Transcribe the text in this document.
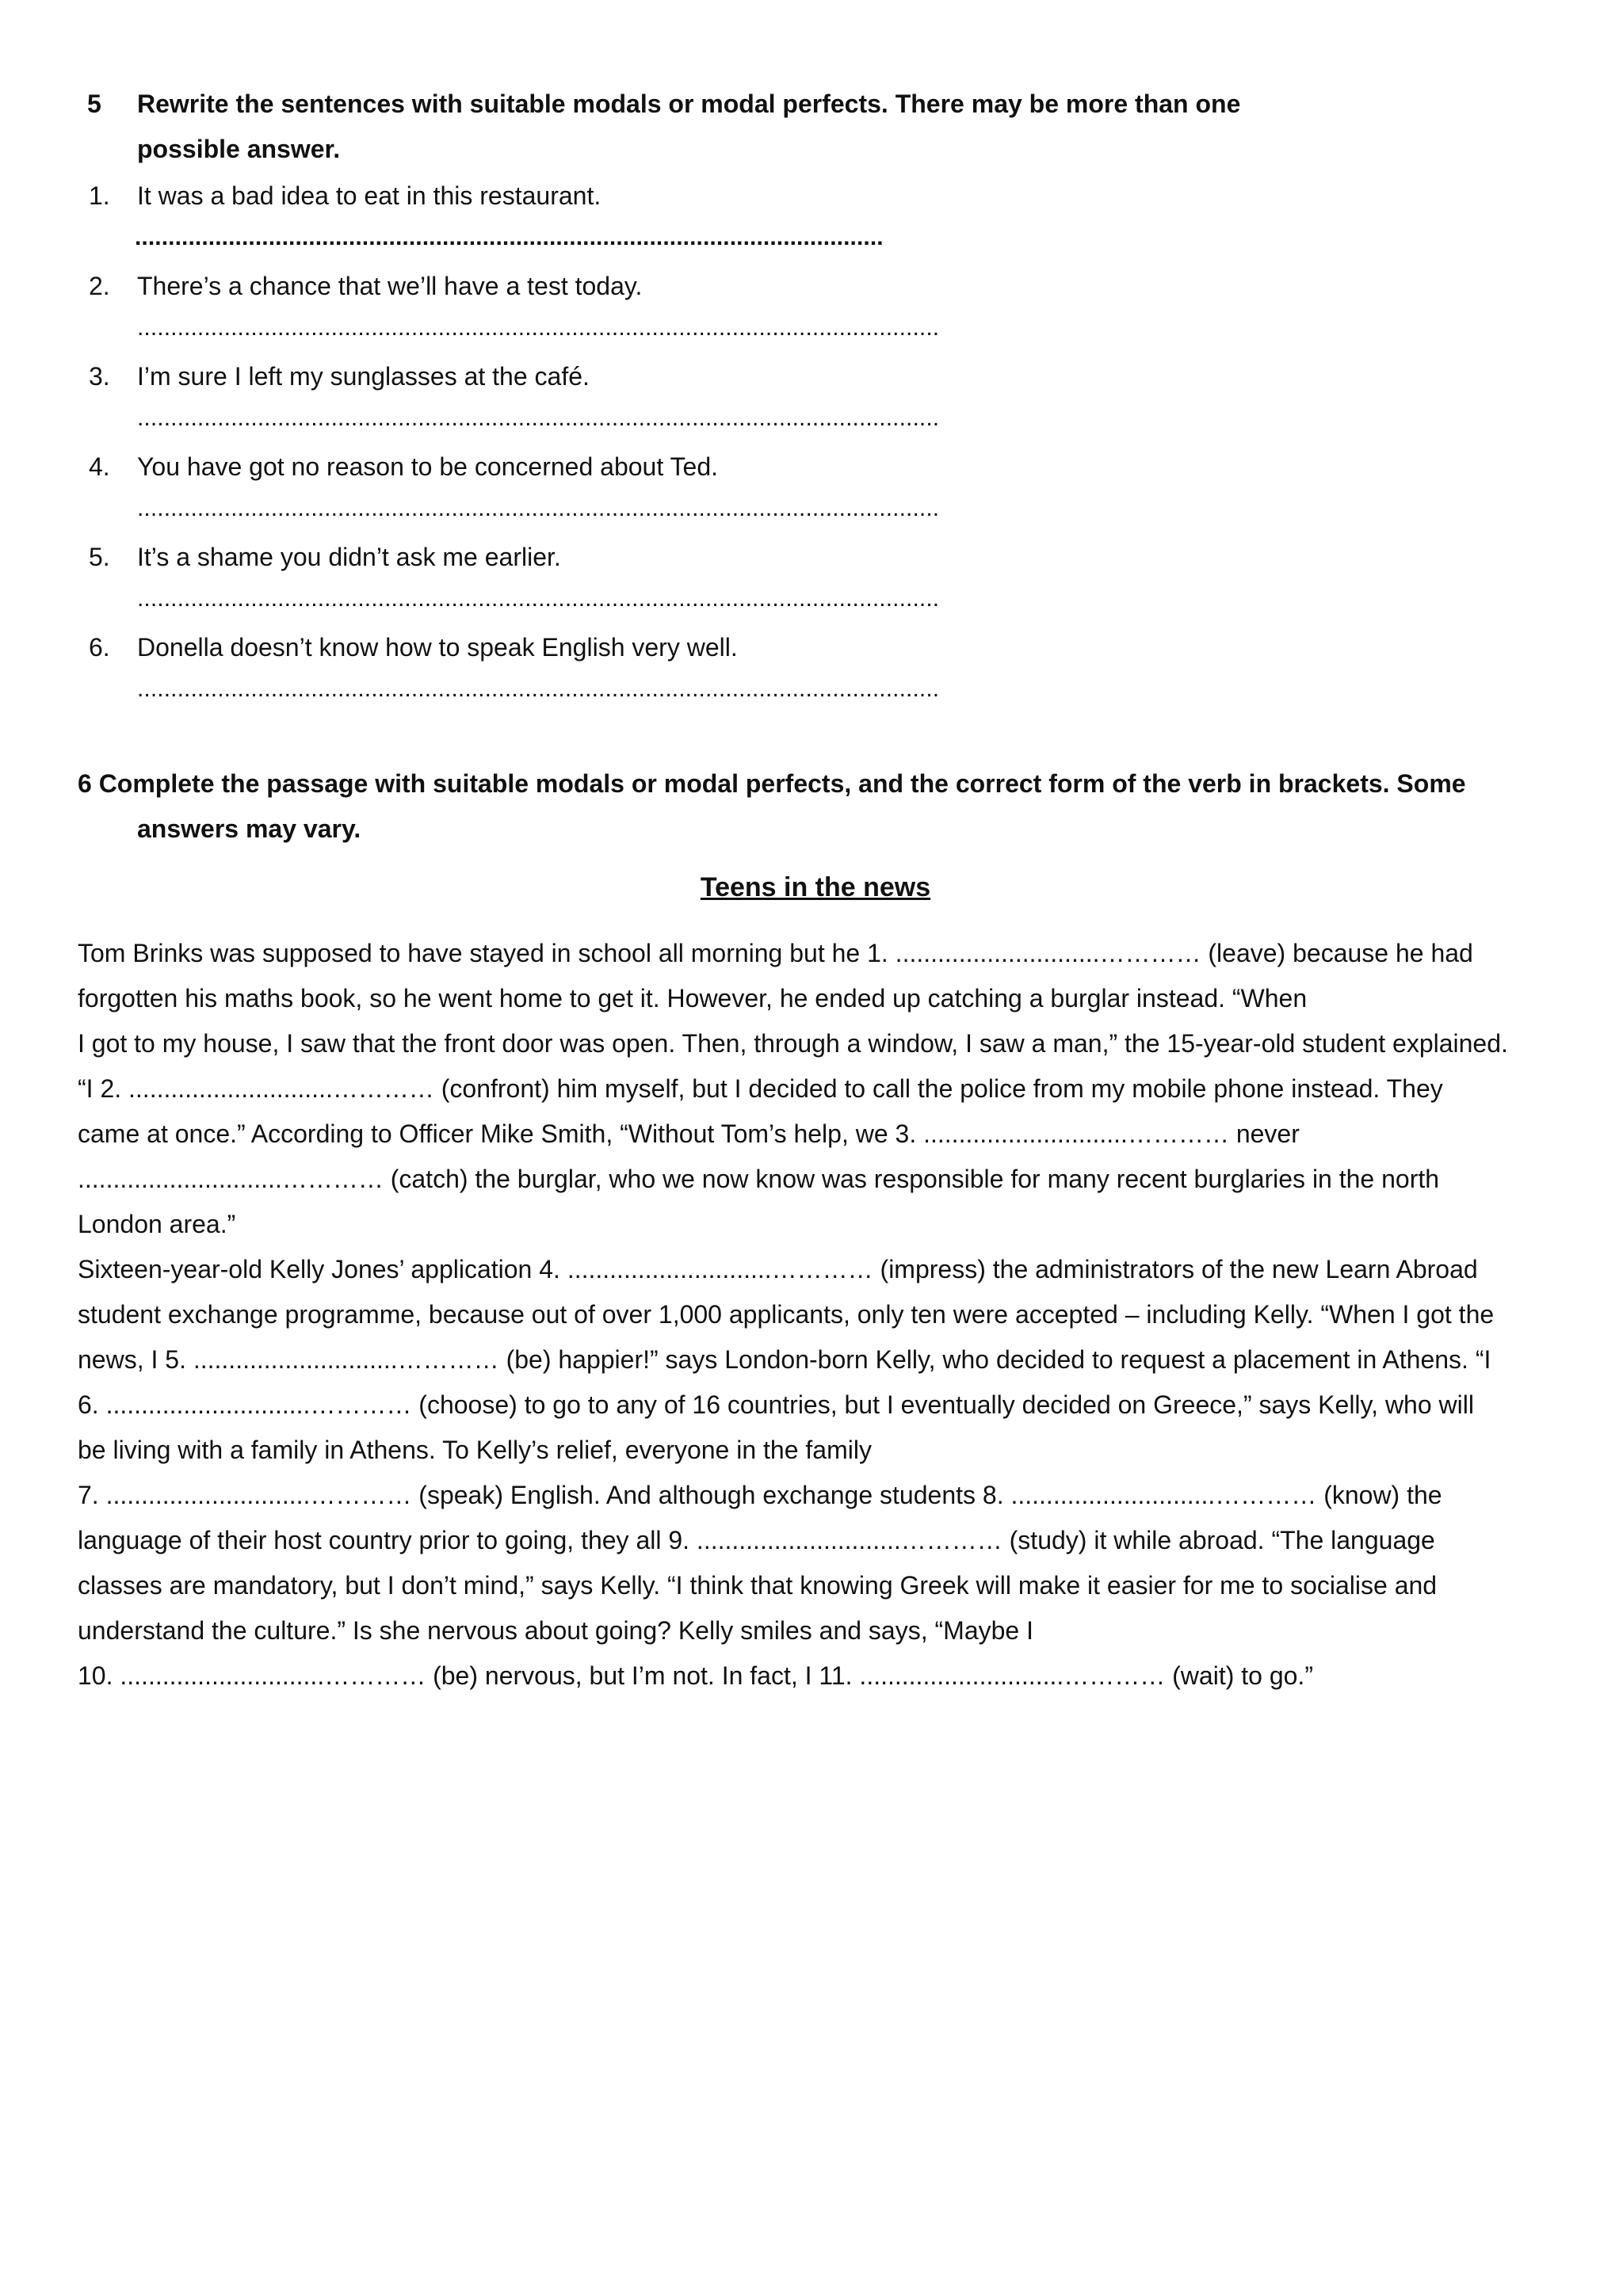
5 Rewrite the sentences with suitable modals or modal perfects. There may be more than one
possible answer.
1. It was a bad idea to eat in this restaurant.
................................................................................................................
2. There’s a chance that we’ll have a test today.
........................................................................................................................
3. I’m sure I left my sunglasses at the café.
........................................................................................................................
4. You have got no reason to be concerned about Ted.
........................................................................................................................
5. It’s a shame you didn’t ask me earlier.
........................................................................................................................
6. Donella doesn’t know how to speak English very well.
........................................................................................................................
6 Complete the passage with suitable modals or modal perfects, and the correct form of the verb in brackets. Some
answers may vary.
Teens in the news

Tom Brinks was supposed to have stayed in school all morning but he 1. .............................………… (leave) because he had

forgotten his maths book, so he went home to get it. However, he ended up catching a burglar instead. “When

I got to my house, I saw that the front door was open. Then, through a window, I saw a man,” the 15-year-old student explained.

“I 2. .............................………… (confront) him myself, but I decided to call the police from my mobile phone instead. They

came at once.” According to Officer Mike Smith, “Without Tom’s help, we 3. .............................………… never

.............................………… (catch) the burglar, who we now know was responsible for many recent burglaries in the north

London area.”

Sixteen-year-old Kelly Jones’ application 4. .............................………… (impress) the administrators of the new Learn Abroad

student exchange programme, because out of over 1,000 applicants, only ten were accepted – including Kelly. “When I got the

news, I 5. .............................………… (be) happier!” says London-born Kelly, who decided to request a placement in Athens. “I

6. .............................………… (choose) to go to any of 16 countries, but I eventually decided on Greece,” says Kelly, who will

be living with a family in Athens. To Kelly’s relief, everyone in the family

7. .............................………… (speak) English. And although exchange students 8. .............................………… (know) the

language of their host country prior to going, they all 9. .............................………… (study) it while abroad. “The language

classes are mandatory, but I don’t mind,” says Kelly. “I think that knowing Greek will make it easier for me to socialise and

understand the culture.” Is she nervous about going? Kelly smiles and says, “Maybe I

10. .............................………… (be) nervous, but I’m not. In fact, I 11. .............................………… (wait) to go.”
